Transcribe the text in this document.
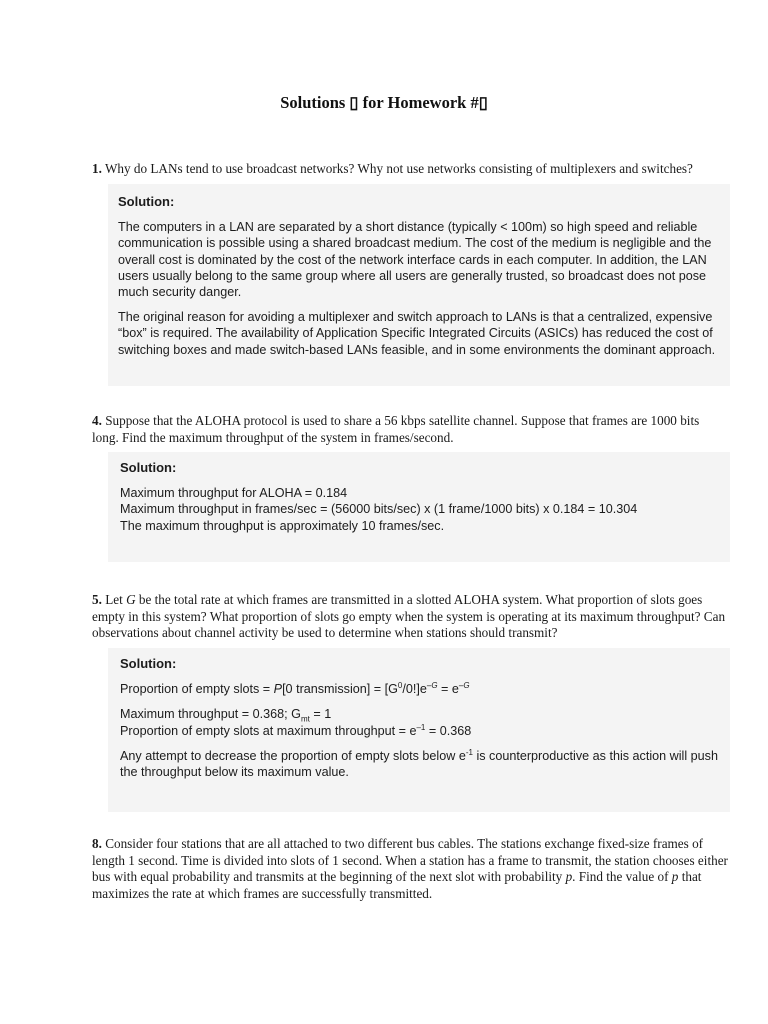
Solutions ▯ for Homework #▯
1. Why do LANs tend to use broadcast networks? Why not use networks consisting of multiplexers and switches?
Solution:

The computers in a LAN are separated by a short distance (typically < 100m) so high speed and reliable communication is possible using a shared broadcast medium. The cost of the medium is negligible and the overall cost is dominated by the cost of the network interface cards in each computer. In addition, the LAN users usually belong to the same group where all users are generally trusted, so broadcast does not pose much security danger.

The original reason for avoiding a multiplexer and switch approach to LANs is that a centralized, expensive “box” is required. The availability of Application Specific Integrated Circuits (ASICs) has reduced the cost of switching boxes and made switch-based LANs feasible, and in some environments the dominant approach.

4. Suppose that the ALOHA protocol is used to share a 56 kbps satellite channel. Suppose that frames are 1000 bits long. Find the maximum throughput of the system in frames/second.
Solution:
Maximum throughput for ALOHA = 0.184
Maximum throughput in frames/sec = (56000 bits/sec) x (1 frame/1000 bits) x 0.184 = 10.304
The maximum throughput is approximately 10 frames/sec.
5. Let G be the total rate at which frames are transmitted in a slotted ALOHA system. What proportion of slots goes empty in this system? What proportion of slots go empty when the system is operating at its maximum throughput? Can observations about channel activity be used to determine when stations should transmit?
Solution:
Proportion of empty slots = P[0 transmission] = $[G^0/0!]e^{-G} = e^{-G}$
Maximum throughput = 0.368; $G_{mt} = 1$
Proportion of empty slots at maximum throughput = $e^{-1} = 0.368$
Any attempt to decrease the proportion of empty slots below $e^{-1}$ is counterproductive as this action will push the throughput below its maximum value.
8. Consider four stations that are all attached to two different bus cables. The stations exchange fixed-size frames of length 1 second. Time is divided into slots of 1 second. When a station has a frame to transmit, the station chooses either bus with equal probability and transmits at the beginning of the next slot with probability p. Find the value of p that maximizes the rate at which frames are successfully transmitted.
